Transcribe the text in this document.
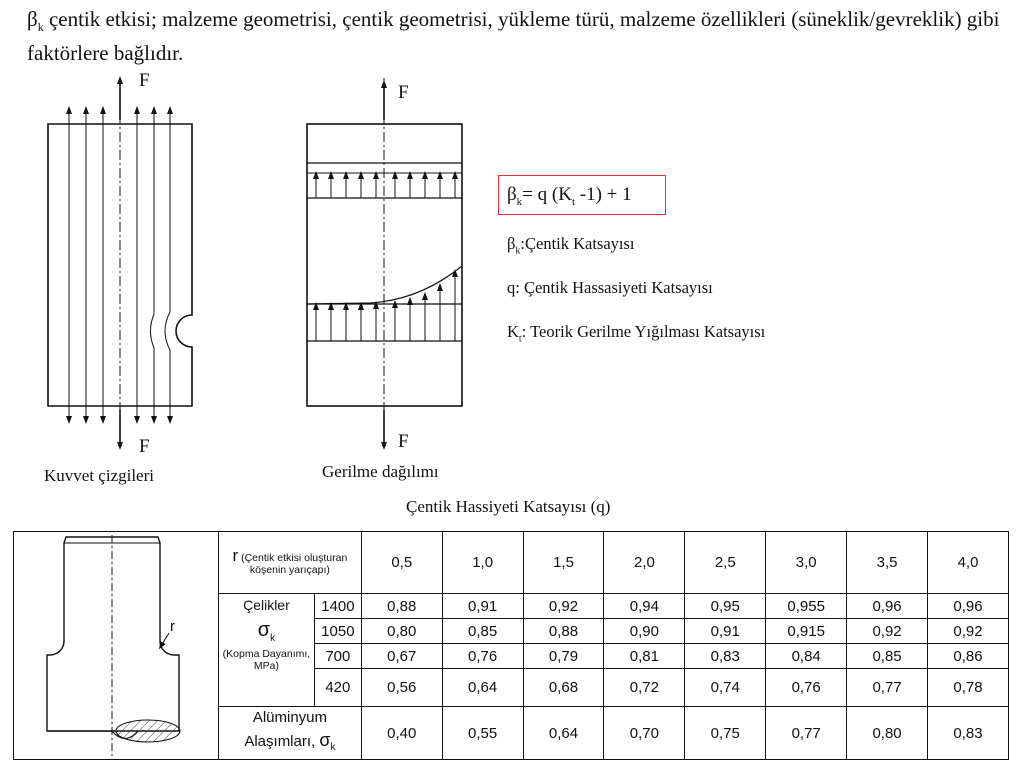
$\beta_k$ çentik etkisi; malzeme geometrisi, çentik geometrisi, yükleme türü, malzeme özellikleri (süneklik/gevreklik) gibi faktörlere bağlıdır.
F
F
Kuvvet çizgileri
F
F
Gerilme dağılımı
$\beta_k= q$ ($K_t$ -1) + 1
$\beta_k:Çentik$ Katsayısı
q: Çentik Hassasiyeti Katsayısı
$K_t$: Teorik Gerilme Yığılması Katsayısı
Çentik Hassiyeti Katsayısı (q)
r	r (Çentik etkisi oluşturan köşenin yarıçapı)		0,5	1,0	1,5	2,0	2,5	3,0	3,5	4,0

	Çelikler
$\sigma_k$
(Kopma Dayanımı, MPa)	1400	0,88	0,91	0,92	0,94	0,95	0,955	0,96	0,96
		1050	0,80	0,85	0,88	0,90	0,91	0,915	0,92	0,92
		700	0,67	0,76	0,79	0,81	0,83	0,84	0,85	0,86
		420	0,56	0,64	0,68	0,72	0,74	0,76	0,77	0,78

	Alüminyum
Alaşımları, $\sigma_k$		0,40	0,55	0,64	0,70	0,75	0,77	0,80	0,83
